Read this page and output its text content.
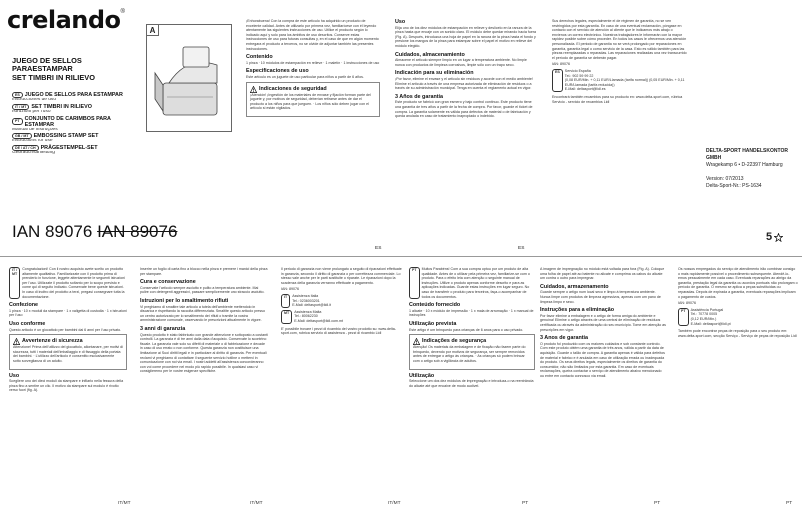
crelando ®
JUEGO DE SELLOS
PARAESTAMPAR
SET TIMBRI IN RILIEVO
ES JUEGO DE SELLOS PARA ESTAMPAR
Instrucciones de uso
IT / MT SET TIMBRI IN RILIEVO
Istruzioni per l'uso
PT CONJUNTO DE CARIMBOS PARA ESTAMPAR
Manual de instruções
GB / MT EMBOSSING STAMP SET
Instructions for use
DE / AT / CH PRÄGESTEMPEL-SET
Gebrauchsanleitung
IAN 89076 IAN 89076
A

¡Enhorabuena! Con la compra de este artículo ha adquirido un producto de excelente calidad. Antes de utilizarlo por primera vez, familiarícese con él leyendo atentamente las siguientes instrucciones de uso. Utilice el producto según lo indicado aquí y solo para los ámbitos de uso descritos. Conserve estas instrucciones de uso para futuras consultas y, en el caso de que en algún momento entregara el producto a terceros, no se olvide de adjuntar también las presentes instrucciones.

Contenido

1 pinza · 10 módulos de estampación en relieve · 1 maletín · 1 instrucciones de uso

Especificaciones de uso

Este artículo es un juguete de uso particular para niños a partir de 6 años.

! Indicaciones de seguridad

¡Atención! ¡Ingestión de los materiales de envase y fijación forman parte del juguete y, por motivos de seguridad, deberían retirarse antes de dar el producto a los niños para que jueguen. · Los niños sólo deben jugar con el artículo si están vigilados.

Uso

Elija uno de los diez módulos de estampación en relieve y deslícelo en la ranura de la pinza hasta que encaje con un sonido claro. El módulo debe quedar mirando hacia fuera (Fig. A). Después, introduzca una hoja de papel en la ranura de la pinza hasta el fondo y presione los mangos de la pinza para estampar sobre el papel el motivo en relieve del módulo elegido.

Cuidados, almacenamiento

Almacene el artículo siempre limpio en un lugar a temperatura ambiente. No limpie nunca con productos de limpieza corrosivos, limpie sólo con un trapo seco.

Indicación para su eliminación

¡Por favor, elimine el envase y el artículo sin residuos y acorde con el medio ambiente! Elimine el artículo a través de una empresa autorizada de eliminación de residuos o a través de su administración municipal. Tenga en cuenta el reglamento actual en vigor.

3 Años de garantía

Este producto se fabricó con gran esmero y bajo control continuo. Este producto tiene una garantía de tres años a partir de la fecha de compra. Por favor, guarde el ticket de compra. La garantía solamente es válida para defectos de material o de fabricación y queda anulada en caso de tratamiento inapropiado o indebido.

Sus derechos legales, especialmente el de régimen de garantía, no se ven restringidos por esta garantía. En caso de una eventual reclamación, póngase en contacto con el servicio de atención al cliente que le indicamos más abajo o envíenos un correo electrónico. Nuestros trabajadores le informarán con la mayor rapidez posible sobre cómo proceder. En todos los casos le ofrecemos una atención personalizada. El periodo de garantía no se verá prolongado por reparaciones en garantía, garantía legal o como servicio de la casa. Esto es válido también para las piezas reemplazadas o reparadas. Las reparaciones realizadas una vez transcurrido el período de garantía se deberán pagar.

IAN: 89076

ES	Servicio España
Tel.: 902 59 99 22
(0,08 EUR/Min. + 0,11 EUR/Llamada (tarifa normal)) (0,05 EUR/Min. + 0,11 EUR/Llamada (tarifa reducida))
E-Mail: deltasport@lidl.es

Encontrará también recambios para su producto en: www.delta-sport.com, rúbrica Servicio - servicio de recambios Lidl

DELTA-SPORT HANDELSKONTOR GMBH
Wragekamp 6 • D-22397 Hamburg
Version: 07/2013
Delta-Sport-Nr.: PS-1634
ES	ES
5

IT / MT
Congratulazioni! Con il nostro acquisto avete scelto un prodotto altamente qualitativo. Familiarizzate con il prodotto prima di prenderlo in funzione, leggete attentamente le seguenti istruzioni per l'uso. Utilizzate il prodotto soltanto per lo scopo previsto e come qui di seguito indicato. Conservate bene queste istruzioni. In caso di inoltro del prodotto a terzi, pregasi consegnare tutta la documentazione.

Confezione

1 pinza · 10 x moduli da stampare · 1 x valigetta di custodia · 1 x istruzioni per l'uso

Uso conforme

Questo articolo è un giocattolo per bambini dai 6 anni per l'uso privato.

! Avvertenze di sicurezza

Attenzione! Prima dell'utilizzo del giocattolo, allontanare, per motivi di sicurezza, tutti i materiali dell'imballaggio e di fissaggio della portata dei bambini. · L'utilizzo dell'articolo è consentito esclusivamente sotto sorveglianza di un adulto.

Uso

Scegliere uno dei dieci moduli da stampare e infilarlo nella fessura della pinza fino a sentire un clic. Il motivo da stampare sul modulo è rivolto verso fuori (fig. A).

Inserire un foglio di carta fino a blocco nella pinza e premere i manici della pinza per stampare.

Cura e conservazione

Conservate l'articolo sempre asciutto e pulito a temperatura ambiente. Mai pulire con detergenti aggressivi, passare semplicemente uno straccio asciutto.

Istruzioni per lo smaltimento rifiuti

Vi preghiamo di smaltire tale articolo a tutela dell'ambiente mettendolo in discarica e rispettando la raccolta differenziata. Smaltite questo articolo presso un centro autorizzato per lo smaltimento dei rifiuti o tramite la vostra amministrazione comunale, osservando le prescrizioni attualmente in vigore.

3 anni di garanzia

Questo prodotto è stato fabbricato con grande attenzione e sottoposto a costanti controlli. La garanzia è di tre anni dalla data d'acquisto. Conservate lo scontrino fiscale. La garanzia vale solo su difetti di materiale o di fabbricazione e decade in caso di uso errato o non conforme. Questa garanzia non costituisce una limitazione ai Suoi diritti legali e in particolare al diritto di garanzia. Per eventuali reclami vi preghiamo di contattare il seguente servizio hotline o mettervi in comunicazione con noi via email. I nostri addetti all'assistenza concorderanno con voi come procedere nel modo più rapido possibile. In qualsiasi caso vi consiglieremo per le vostre esigenze specifiche.

Il periodo di garanzia non viene prolungato a seguito di riparazioni effettuate in garanzia, secondo il diritto di garanzia o per correttezza commerciale. Lo stesso vale anche per le parti sostituite o riparate. Le riparazioni dopo la scadenza della garanzia verranno effettuate a pagamento.

IAN: 89076

IT	Assistenza Italia
Tel.: 0236003201
E-Mail: deltasport@lidl.it
MT	Assistenza Malta
Tel.: 80062230
E-Mail: deltasport@lidl.com.mt

E' possibile trovare i pezzi di ricambio del vostro prodotto su: www.delta-sport.com, rubrica servizio di assistenza - pezzi di ricambio Lidl

PT	Muitos Parabéns! Com a sua compra optou por um produto de alta qualidade. Antes de o utilizar pela primeira vez, familiarize-se com o produto. Para o efeito leia com atenção o seguinte manual de instruções. Utilize o produto apenas conforme descrito e para as aplicações indicadas. Guarde estas instruções em lugar seguro. No caso de transferir o produto para terceiros, faça-o acompanhar de todos os documentos.

Conteúdo fornecido

1 alicate · 10 x módulo de impressão · 1 x mala de arrumação · 1 x manual de instruções

Utilização prevista

Este artigo é um brinquedo para crianças de 6 anos para o uso privado.

! Indicações de segurança

Atenção! Os materiais da embalagem e de fixação não fazem parte do brinquedo, devendo por motivos de segurança, ser sempre removidos antes de entregar o artigo às crianças. · As crianças só podem brincar com o artigo sob a vigilância de adultos.

Utilização

Seleccione um dos dez módulos de impregnação e introduza-o na reentrância do alicate até que encaixe de modo audível.

A imagem de impregnação no módulo está voltada para fora (Fig. A). Coloque uma folha de papel até ao batente no alicate e comprima os cabos do alicate um contra o outro para impregnar.

Cuidados, armazenamento

Guarde sempre o artigo num local seco e limpo à temperatura ambiente. Nunca limpe com produtos de limpeza agressivos, apenas com um pano de limpeza limpo e seco.

Instruções para a eliminação

Por favor elimine a embalagem e o artigo de forma amiga do ambiente e genuína! Elimine o artigo através de uma central de eliminação de resíduos certificada ou através da administração do seu município. Tome em atenção as prescrições em vigor.

3 Anos de garantia

O produto foi produzido com os maiores cuidados e sob constante controlo. Com este produto obtém uma garantia de três anos, válida a partir da data de aquisição. Guarde o talão de compra. A garantia apenas é válida para defeitos de material e fabrico e é anulada em caso de utilização errada ou inadequada do produto. Os seus direitos legais, especialmente os direitos de garantia do consumidor, não são limitados por esta garantia. Em caso de eventuais reclamações, queira contactar o serviço de atendimento abaixo mencionado ou entre em contacto connosco via email.

Os nossos empregados do serviço de atendimento irão combinar consigo o mais rapidamente possível o procedimento subsequente. Atendê-lo-emos pessoalmente em cada caso. Eventuais reparações ao abrigo da garantia, prestação legal da garantia ou acordos pontuais não prolongam o período de garantia. O mesmo se aplica a peças substituídas ou reparadas. Depois de expirada a garantia, eventuais reparações implicam o pagamento de custos.

IAN: 89076

PT	Assistência Portugal
Tel.: 70778 0005
(0,12 EUR/Min.)
E-Mail: deltasport@lidl.pt

Também pode encontrar peças de reposição para o seu produto em: www.delta-sport.com, secção Serviço - Serviço de peças de reposição Lidl

IT/MT	IT/MT	IT/MT	PT	PT	PT
